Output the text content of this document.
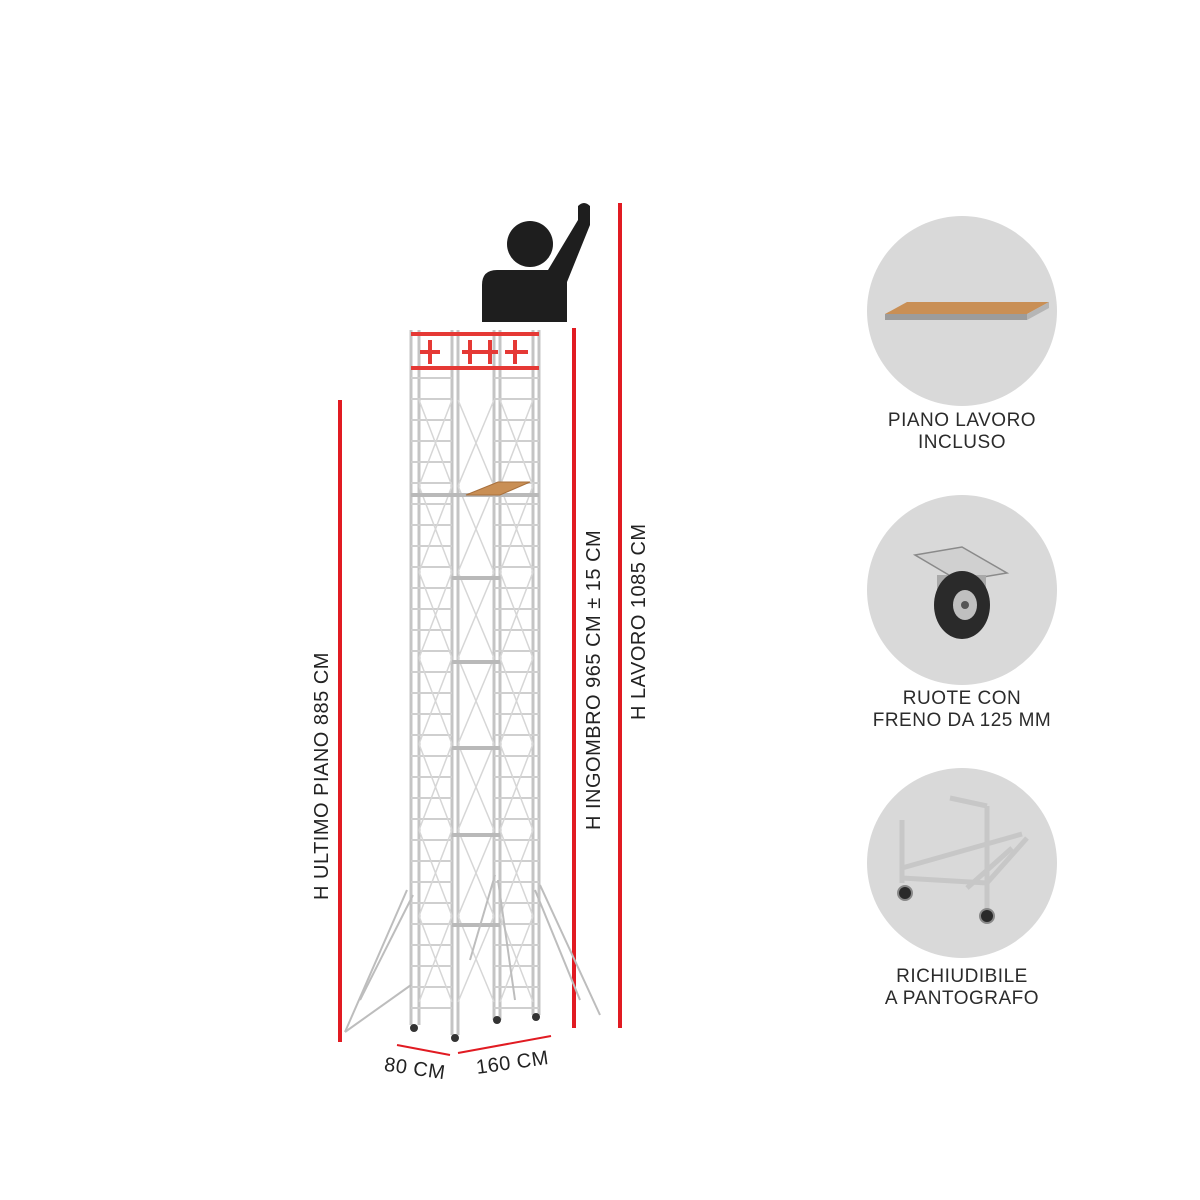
H ULTIMO PIANO 885 CM	H INGOMBRO 965 CM ± 15 CM H LAVORO 1085 CM
80 CM 160 CM
PIANO LAVORO
INCLUSO
RUOTE CON
FRENO DA 125 MM
RICHIUDIBILE
A PANTOGRAFO
